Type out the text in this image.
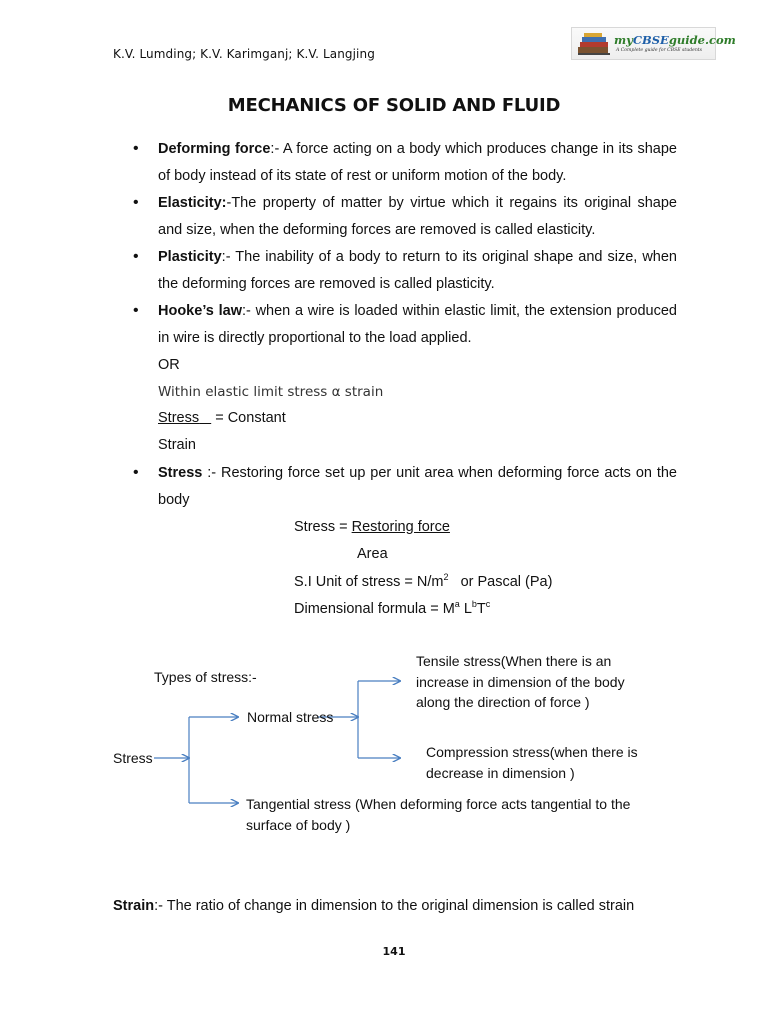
K.V. Lumding; K.V. Karimganj; K.V. Langjing
myCBSEguide.com
A Complete guide for CBSE students
MECHANICS OF SOLID AND FLUID
• Deforming force:- A force acting on a body which produces change in its shape of body instead of its state of rest or uniform motion of the body.
• Elasticity:-The property of matter by virtue which it regains its original shape and size, when the deforming forces are removed is called elasticity.
• Plasticity:- The inability of a body to return to its original shape and size, when the deforming forces are removed is called plasticity.
• Hooke’s law:- when a wire is loaded within elastic limit, the extension produced in wire is directly proportional to the load applied.
OR
Within elastic limit stress α strain
Stress = Constant
Strain
• Stress :- Restoring force set up per unit area when deforming force acts on the body
Stress = Restoring force
Area
S.I Unit of stress = $N/m^2$ or Pascal (Pa)
Dimensional formula = $M^a$ $L^bT^c$
Types of stress:-
Stress
Normal stress
Tensile stress(When there is an
increase in dimension of the body
along the direction of force )
Compression stress(when there is
decrease in dimension )
Tangential stress (When deforming force acts tangential to the
surface of body )
Strain:- The ratio of change in dimension to the original dimension is called strain
141
